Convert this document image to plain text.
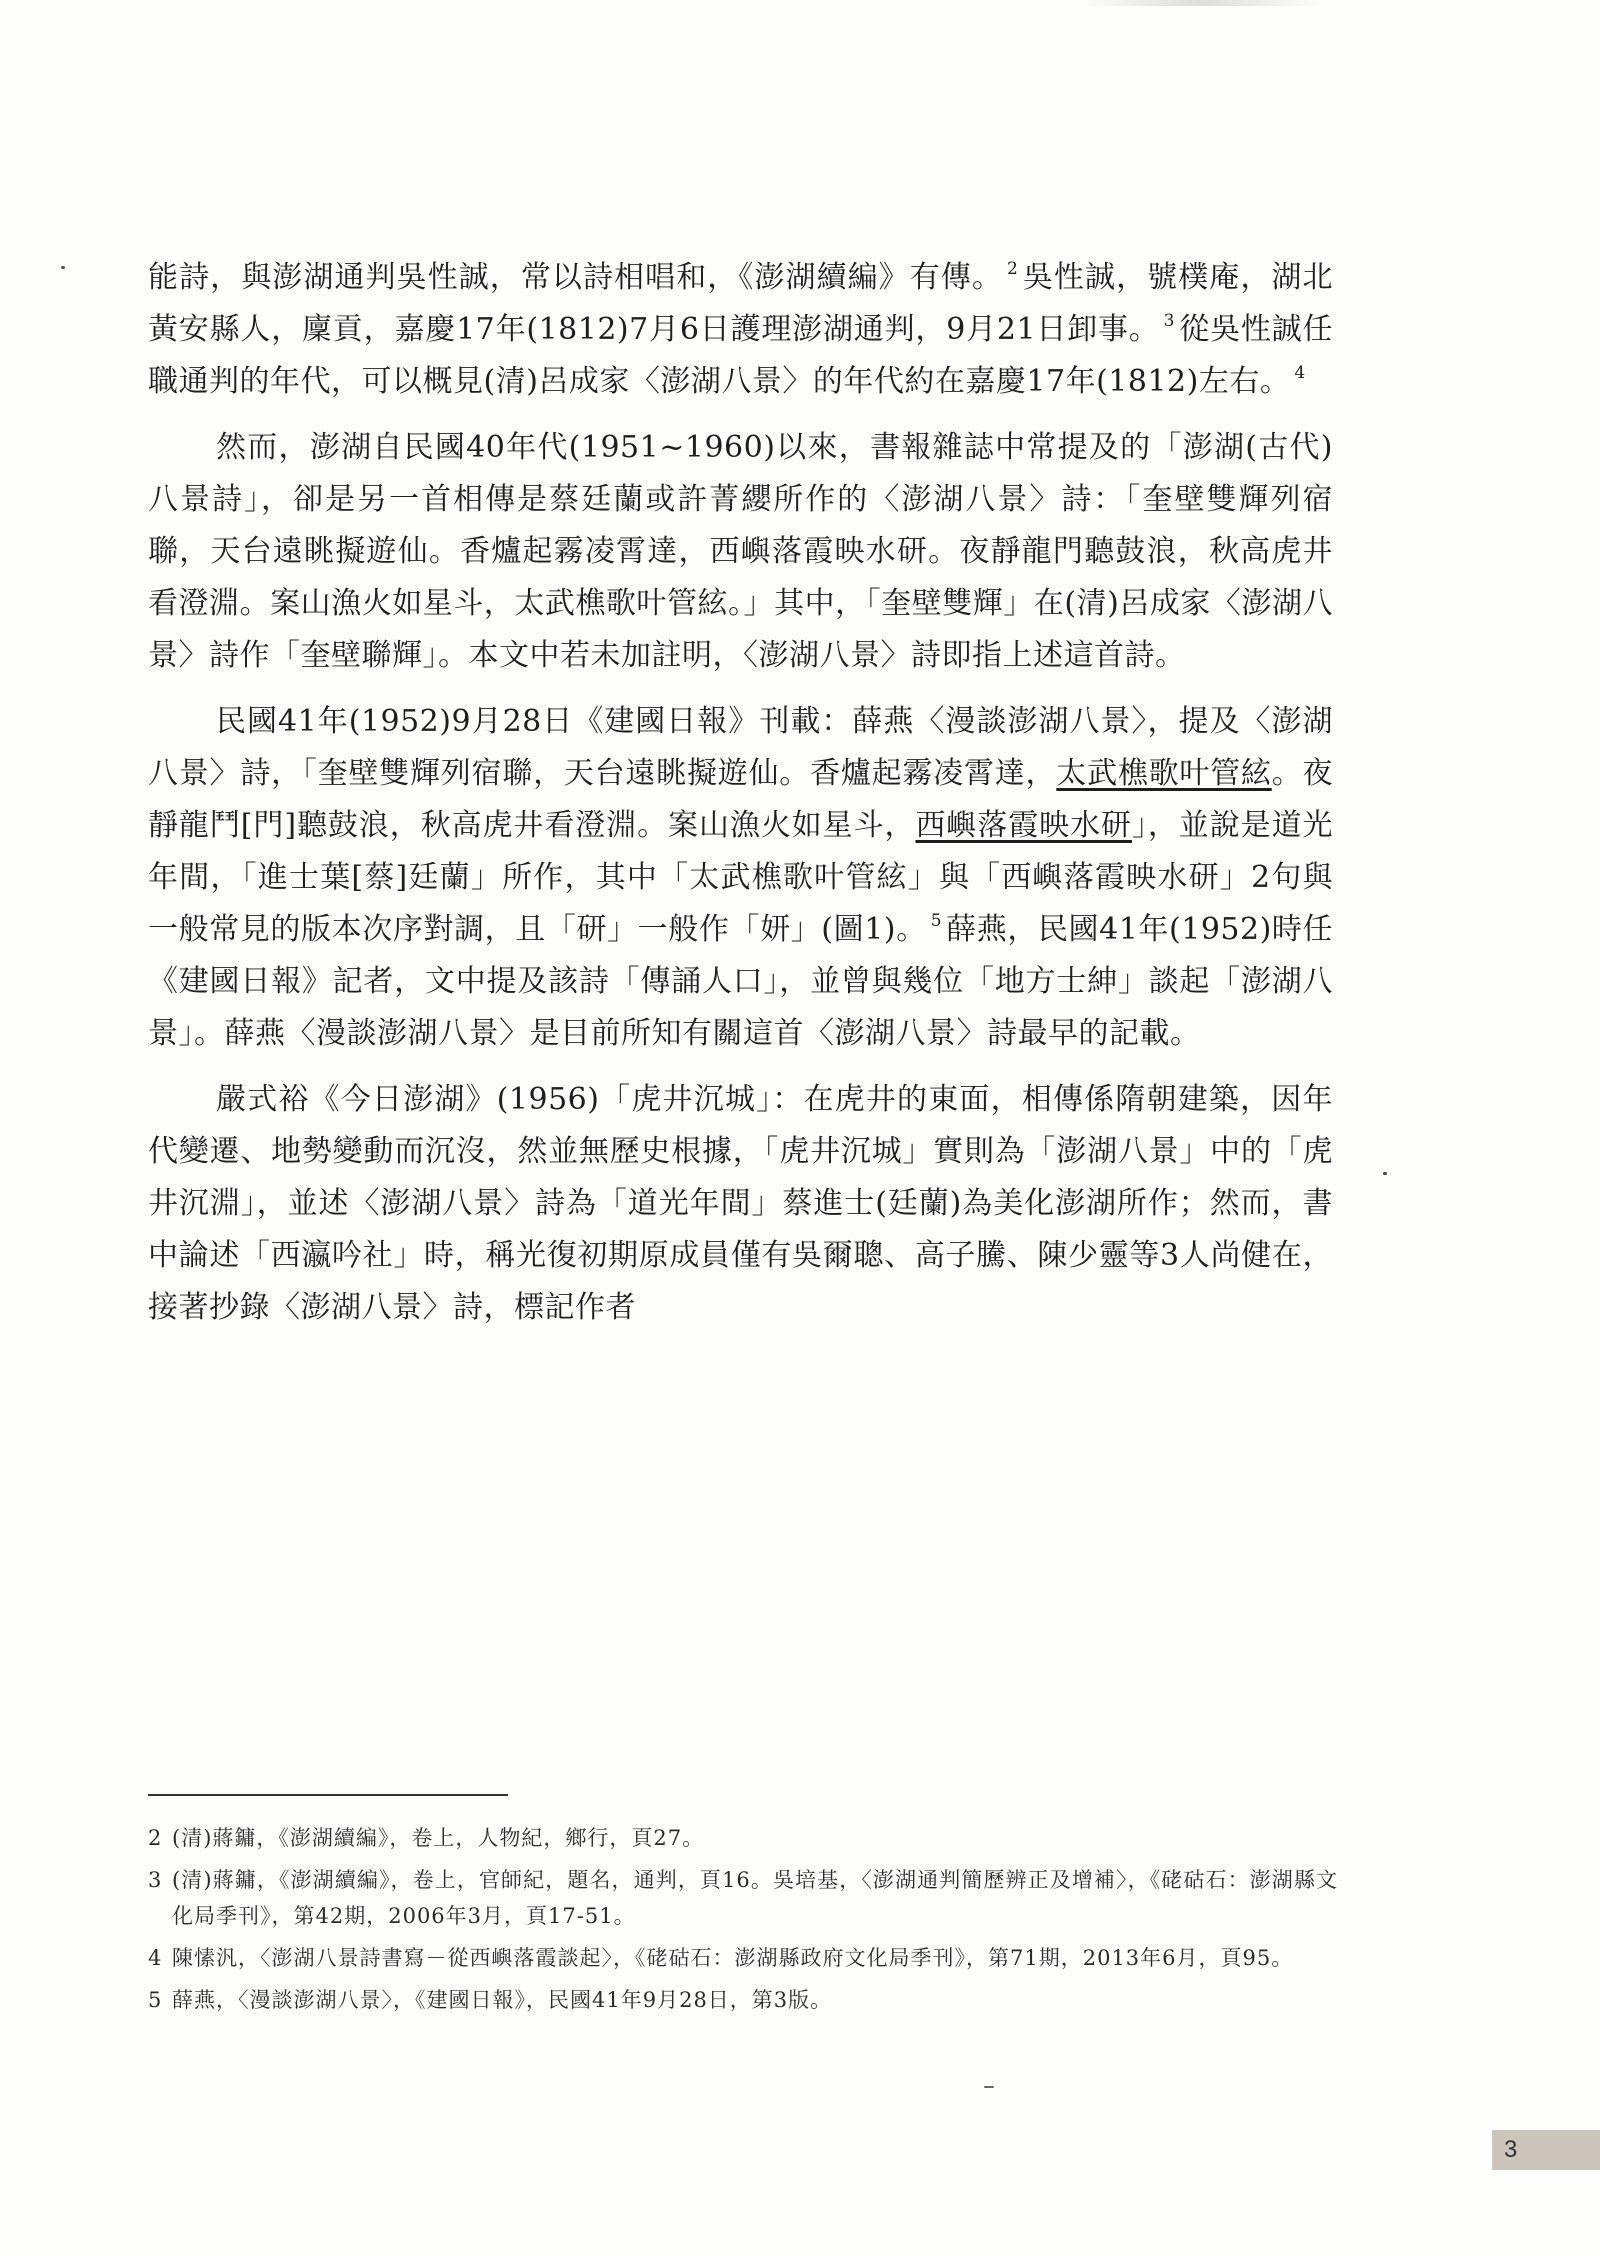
能詩，與澎湖通判吳性誠，常以詩相唱和，《澎湖續編》有傳。 $^2$ 吳性誠，號樸庵，湖北黃安縣人，廩貢，嘉慶17年(1812)7月6日護理澎湖通判，9月21日卸事。 $^3$ 從吳性誠任職通判的年代，可以概見(清)呂成家〈澎湖八景〉的年代約在嘉慶17年(1812)左右。 $^4$

然而，澎湖自民國40年代(1951~1960)以來，書報雜誌中常提及的「澎湖(古代)八景詩」，卻是另一首相傳是蔡廷蘭或許菁纓所作的〈澎湖八景〉詩：「奎壁雙輝列宿聯，天台遠眺擬遊仙。香爐起霧凌霄達，西嶼落霞映水研。夜靜龍門聽鼓浪，秋高虎井看澄淵。案山漁火如星斗，太武樵歌叶管絃。」其中，「奎壁雙輝」在(清)呂成家〈澎湖八景〉詩作「奎壁聯輝」。本文中若未加註明，〈澎湖八景〉詩即指上述這首詩。

民國41年(1952)9月28日《建國日報》刊載：薛燕〈漫談澎湖八景〉，提及〈澎湖八景〉詩，「奎壁雙輝列宿聯，天台遠眺擬遊仙。香爐起霧凌霄達，太武樵歌叶管絃。夜靜龍鬥[門]聽鼓浪，秋高虎井看澄淵。案山漁火如星斗，西嶼落霞映水研」，並說是道光年間，「進士葉[蔡]廷蘭」所作，其中「太武樵歌叶管絃」與「西嶼落霞映水研」2句與一般常見的版本次序對調，且「研」一般作「妍」(圖1)。 $^5$ 薛燕，民國41年(1952)時任《建國日報》記者，文中提及該詩「傳誦人口」，並曾與幾位「地方士紳」談起「澎湖八景」。薛燕〈漫談澎湖八景〉是目前所知有關這首〈澎湖八景〉詩最早的記載。

嚴式裕《今日澎湖》(1956)「虎井沉城」：在虎井的東面，相傳係隋朝建築，因年代變遷、地勢變動而沉沒，然並無歷史根據，「虎井沉城」實則為「澎湖八景」中的「虎井沉淵」，並述〈澎湖八景〉詩為「道光年間」蔡進士(廷蘭)為美化澎湖所作；然而，書中論述「西瀛吟社」時，稱光復初期原成員僅有吳爾聰、高子騰、陳少靈等3人尚健在，接著抄錄〈澎湖八景〉詩，標記作者

2 (清)蔣鏞，《澎湖續編》，卷上，人物紀，鄉行，頁27。
3 (清)蔣鏞，《澎湖續編》，卷上，官師紀，題名，通判，頁16。吳培基，〈澎湖通判簡歷辨正及增補〉，《硓𥑮石：澎湖縣文化局季刊》，第42期，2006年3月，頁17-51。
4 陳愫汎，〈澎湖八景詩書寫－從西嶼落霞談起〉，《硓𥑮石：澎湖縣政府文化局季刊》，第71期，2013年6月，頁95。
5 薛燕，〈漫談澎湖八景〉，《建國日報》，民國41年9月28日，第3版。
3
